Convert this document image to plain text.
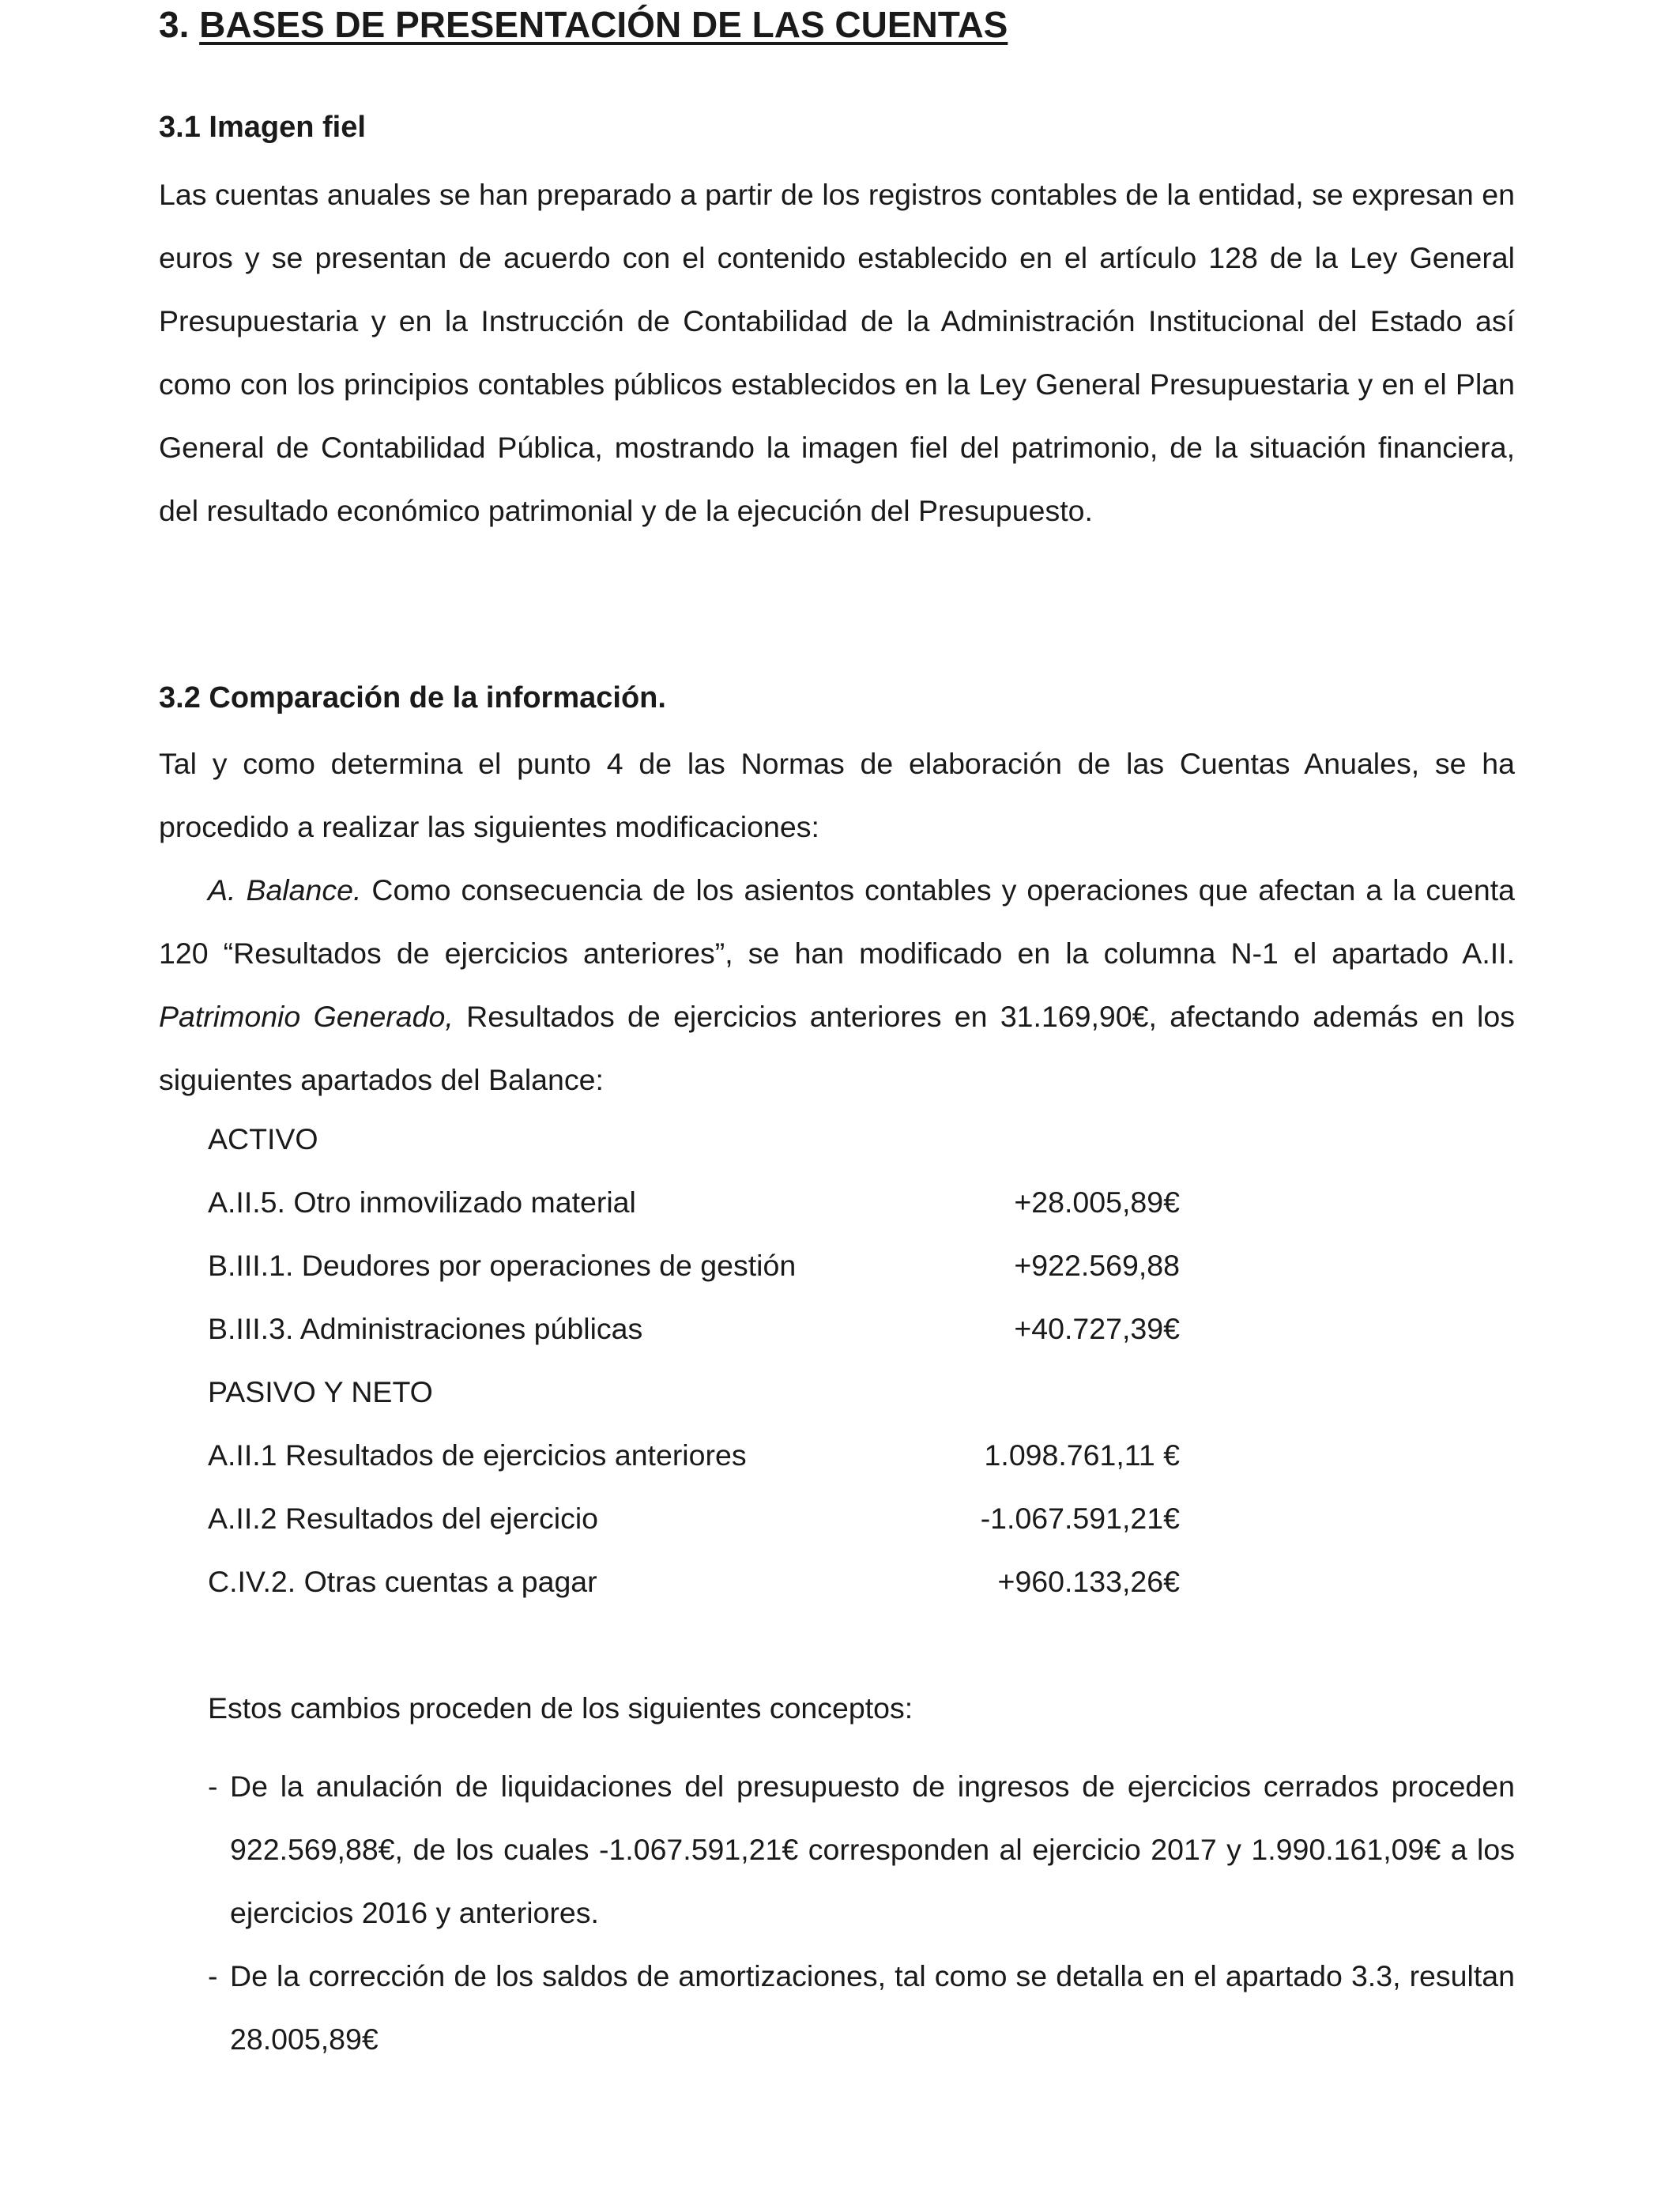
3. BASES DE PRESENTACIÓN DE LAS CUENTAS
3.1 Imagen fiel

Las cuentas anuales se han preparado a partir de los registros contables de la entidad, se expresan en euros y se presentan de acuerdo con el contenido establecido en el artículo 128 de la Ley General Presupuestaria y en la Instrucción de Contabilidad de la Administración Institucional del Estado así como con los principios contables públicos establecidos en la Ley General Presupuestaria y en el Plan General de Contabilidad Pública, mostrando la imagen fiel del patrimonio, de la situación financiera, del resultado económico patrimonial y de la ejecución del Presupuesto.

3.2 Comparación de la información.

Tal y como determina el punto 4 de las Normas de elaboración de las Cuentas Anuales, se ha procedido a realizar las siguientes modificaciones:

A. Balance. Como consecuencia de los asientos contables y operaciones que afectan a la cuenta 120 “Resultados de ejercicios anteriores”, se han modificado en la columna N-1 el apartado A.II. Patrimonio Generado, Resultados de ejercicios anteriores en 31.169,90€, afectando además en los siguientes apartados del Balance:

ACTIVO
A.II.5. Otro inmovilizado material	+28.005,89€
B.III.1. Deudores por operaciones de gestión	+922.569,88
B.III.3. Administraciones públicas	+40.727,39€
PASIVO Y NETO
A.II.1 Resultados de ejercicios anteriores	1.098.761,11 €
A.II.2 Resultados del ejercicio	-1.067.591,21€
C.IV.2. Otras cuentas a pagar	+960.133,26€
Estos cambios proceden de los siguientes conceptos:
- De la anulación de liquidaciones del presupuesto de ingresos de ejercicios cerrados proceden 922.569,88€, de los cuales -1.067.591,21€ corresponden al ejercicio 2017 y 1.990.161,09€ a los ejercicios 2016 y anteriores.
- De la corrección de los saldos de amortizaciones, tal como se detalla en el apartado 3.3, resultan 28.005,89€
